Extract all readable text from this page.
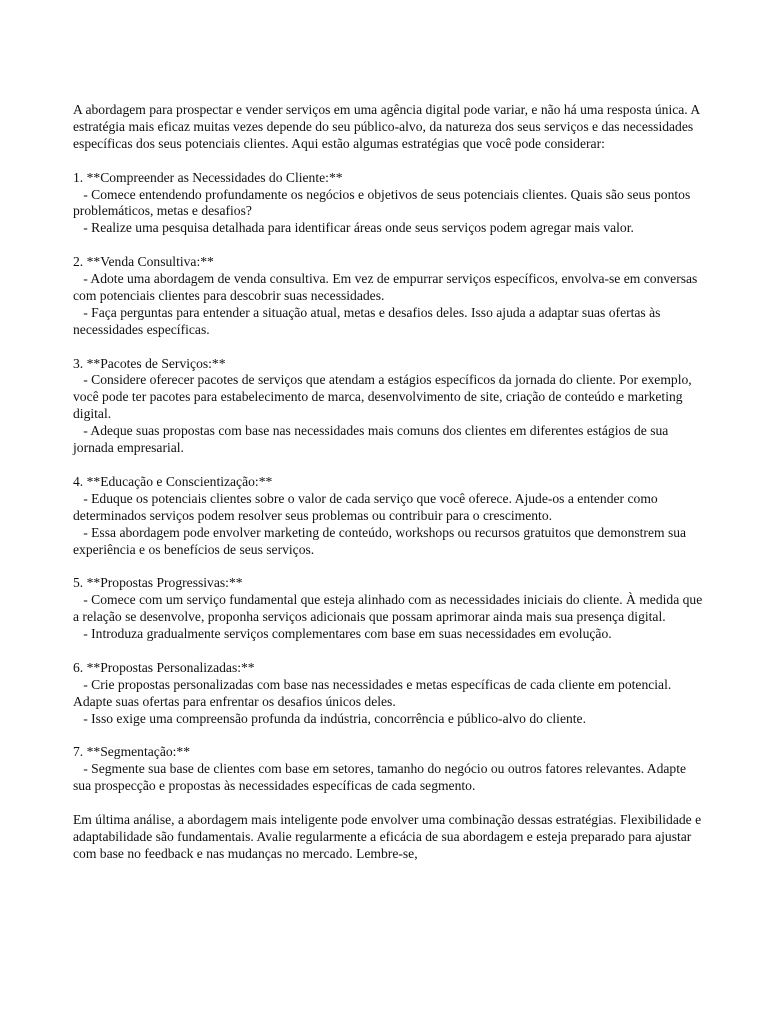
A abordagem para prospectar e vender serviços em uma agência digital pode variar, e não há uma resposta única. A estratégia mais eficaz muitas vezes depende do seu público-alvo, da natureza dos seus serviços e das necessidades específicas dos seus potenciais clientes. Aqui estão algumas estratégias que você pode considerar:

1. **Compreender as Necessidades do Cliente:**

- Comece entendendo profundamente os negócios e objetivos de seus potenciais clientes. Quais são seus pontos problemáticos, metas e desafios?

- Realize uma pesquisa detalhada para identificar áreas onde seus serviços podem agregar mais valor.

2. **Venda Consultiva:**

- Adote uma abordagem de venda consultiva. Em vez de empurrar serviços específicos, envolva-se em conversas com potenciais clientes para descobrir suas necessidades.

- Faça perguntas para entender a situação atual, metas e desafios deles. Isso ajuda a adaptar suas ofertas às necessidades específicas.

3. **Pacotes de Serviços:**

- Considere oferecer pacotes de serviços que atendam a estágios específicos da jornada do cliente. Por exemplo, você pode ter pacotes para estabelecimento de marca, desenvolvimento de site, criação de conteúdo e marketing digital.

- Adeque suas propostas com base nas necessidades mais comuns dos clientes em diferentes estágios de sua jornada empresarial.

4. **Educação e Conscientização:**

- Eduque os potenciais clientes sobre o valor de cada serviço que você oferece. Ajude-os a entender como determinados serviços podem resolver seus problemas ou contribuir para o crescimento.

- Essa abordagem pode envolver marketing de conteúdo, workshops ou recursos gratuitos que demonstrem sua experiência e os benefícios de seus serviços.

5. **Propostas Progressivas:**

- Comece com um serviço fundamental que esteja alinhado com as necessidades iniciais do cliente. À medida que a relação se desenvolve, proponha serviços adicionais que possam aprimorar ainda mais sua presença digital.

- Introduza gradualmente serviços complementares com base em suas necessidades em evolução.

6. **Propostas Personalizadas:**

- Crie propostas personalizadas com base nas necessidades e metas específicas de cada cliente em potencial. Adapte suas ofertas para enfrentar os desafios únicos deles.

- Isso exige uma compreensão profunda da indústria, concorrência e público-alvo do cliente.

7. **Segmentação:**

- Segmente sua base de clientes com base em setores, tamanho do negócio ou outros fatores relevantes. Adapte sua prospecção e propostas às necessidades específicas de cada segmento.

Em última análise, a abordagem mais inteligente pode envolver uma combinação dessas estratégias. Flexibilidade e adaptabilidade são fundamentais. Avalie regularmente a eficácia de sua abordagem e esteja preparado para ajustar com base no feedback e nas mudanças no mercado. Lembre-se,
